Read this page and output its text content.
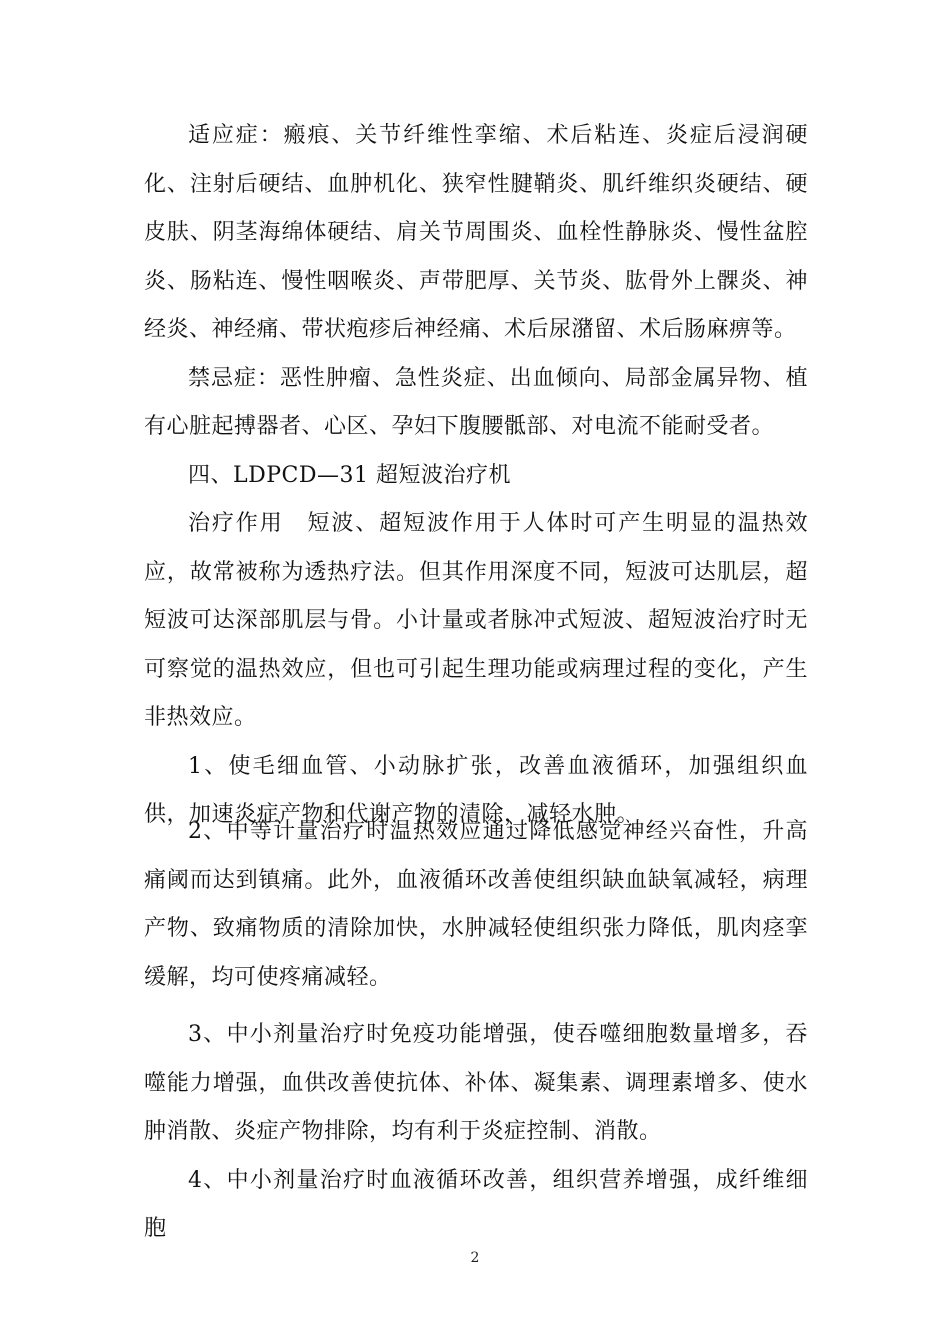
适应症：瘢痕、关节纤维性挛缩、术后粘连、炎症后浸润硬化、注射后硬结、血肿机化、狭窄性腱鞘炎、肌纤维织炎硬结、硬皮肤、阴茎海绵体硬结、肩关节周围炎、血栓性静脉炎、慢性盆腔炎、肠粘连、慢性咽喉炎、声带肥厚、关节炎、肱骨外上髁炎、神经炎、神经痛、带状疱疹后神经痛、术后尿潴留、术后肠麻痹等。

禁忌症：恶性肿瘤、急性炎症、出血倾向、局部金属异物、植有心脏起搏器者、心区、孕妇下腹腰骶部、对电流不能耐受者。

四、LDPCD—31 超短波治疗机

治疗作用　短波、超短波作用于人体时可产生明显的温热效应，故常被称为透热疗法。但其作用深度不同，短波可达肌层，超短波可达深部肌层与骨。小计量或者脉冲式短波、超短波治疗时无可察觉的温热效应，但也可引起生理功能或病理过程的变化，产生非热效应。

1、使毛细血管、小动脉扩张，改善血液循环，加强组织血供，加速炎症产物和代谢产物的清除，减轻水肿。

2、中等计量治疗时温热效应通过降低感觉神经兴奋性，升高痛阈而达到镇痛。此外，血液循环改善使组织缺血缺氧减轻，病理产物、致痛物质的清除加快，水肿减轻使组织张力降低，肌肉痉挛缓解，均可使疼痛减轻。

3、中小剂量治疗时免疫功能增强，使吞噬细胞数量增多，吞噬能力增强，血供改善使抗体、补体、凝集素、调理素增多、使水肿消散、炎症产物排除，均有利于炎症控制、消散。

4、中小剂量治疗时血液循环改善，组织营养增强，成纤维细胞

2
